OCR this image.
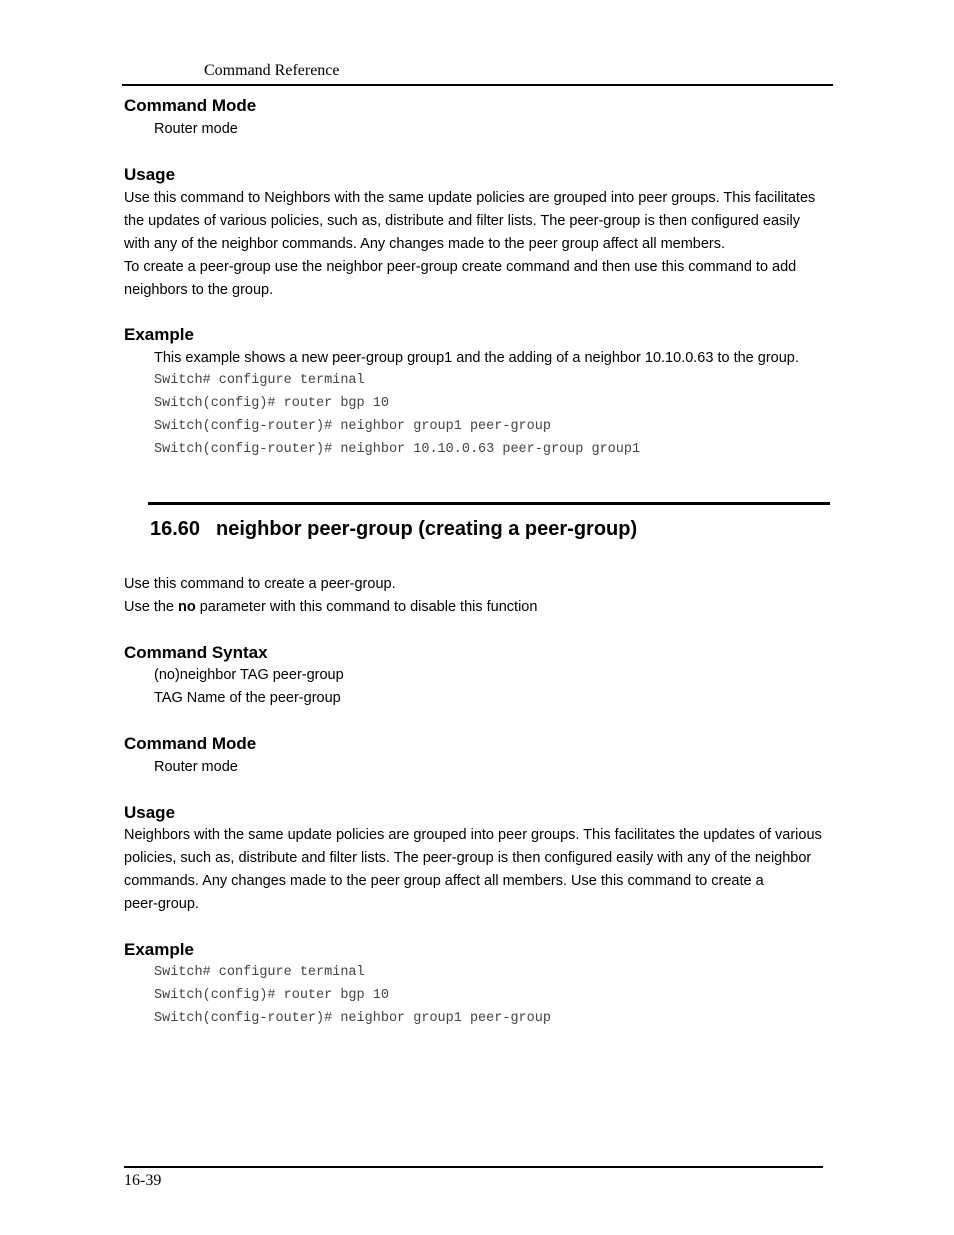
Command Reference
Command Mode
Router mode
Usage
Use this command to Neighbors with the same update policies are grouped into peer groups. This facilitates
the updates of various policies, such as, distribute and filter lists. The peer-group is then configured easily
with any of the neighbor commands. Any changes made to the peer group affect all members.
To create a peer-group use the neighbor peer-group create command and then use this command to add
neighbors to the group.
Example
This example shows a new peer-group group1 and the adding of a neighbor 10.10.0.63 to the group.
Switch# configure terminal
Switch(config)# router bgp 10
Switch(config-router)# neighbor group1 peer-group
Switch(config-router)# neighbor 10.10.0.63 peer-group group1
16.60 neighbor peer-group (creating a peer-group)
Use this command to create a peer-group.
Use the no parameter with this command to disable this function
Command Syntax
(no)neighbor TAG peer-group
TAG Name of the peer-group
Command Mode
Router mode
Usage
Neighbors with the same update policies are grouped into peer groups. This facilitates the updates of various
policies, such as, distribute and filter lists. The peer-group is then configured easily with any of the neighbor
commands. Any changes made to the peer group affect all members. Use this command to create a
peer-group.
Example
Switch# configure terminal
Switch(config)# router bgp 10
Switch(config-router)# neighbor group1 peer-group
16-39
